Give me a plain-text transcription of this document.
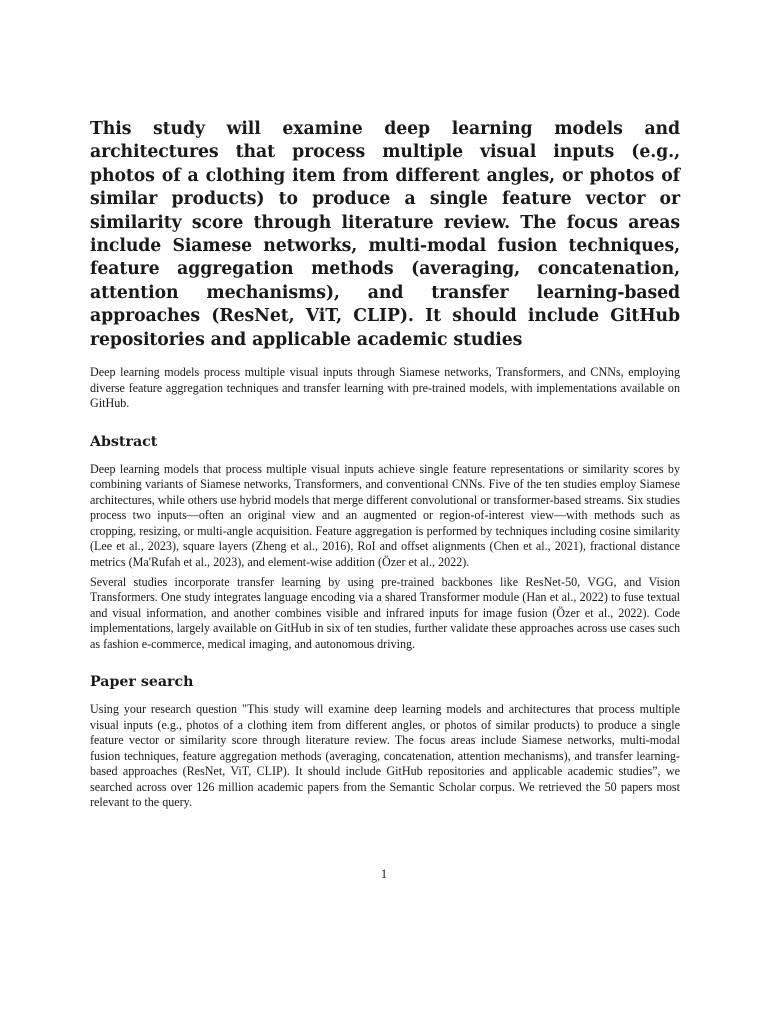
This study will examine deep learning models and architectures that process multiple visual inputs (e.g., photos of a clothing item from different angles, or photos of similar products) to produce a single feature vector or similarity score through literature review. The focus areas include Siamese networks, multi-modal fusion techniques, feature aggregation methods (averaging, concatenation, attention mechanisms), and transfer learning-based approaches (ResNet, ViT, CLIP). It should include GitHub repositories and applicable academic studies

Deep learning models process multiple visual inputs through Siamese networks, Transformers, and CNNs, employing diverse feature aggregation techniques and transfer learning with pre-trained models, with implementations available on GitHub.

Abstract

Deep learning models that process multiple visual inputs achieve single feature representations or similarity scores by combining variants of Siamese networks, Transformers, and conventional CNNs. Five of the ten studies employ Siamese architectures, while others use hybrid models that merge different convolutional or transformer-based streams. Six studies process two inputs—often an original view and an augmented or region-of-interest view—with methods such as cropping, resizing, or multi-angle acquisition. Feature aggregation is performed by techniques including cosine similarity (Lee et al., 2023), square layers (Zheng et al., 2016), RoI and offset alignments (Chen et al., 2021), fractional distance metrics (Ma'Rufah et al., 2023), and element-wise addition (Özer et al., 2022).

Several studies incorporate transfer learning by using pre-trained backbones like ResNet-50, VGG, and Vision Transformers. One study integrates language encoding via a shared Transformer module (Han et al., 2022) to fuse textual and visual information, and another combines visible and infrared inputs for image fusion (Özer et al., 2022). Code implementations, largely available on GitHub in six of ten studies, further validate these approaches across use cases such as fashion e-commerce, medical imaging, and autonomous driving.

Paper search

Using your research question "This study will examine deep learning models and architectures that process multiple visual inputs (e.g., photos of a clothing item from different angles, or photos of similar products) to produce a single feature vector or similarity score through literature review. The focus areas include Siamese networks, multi-modal fusion techniques, feature aggregation methods (averaging, concatenation, attention mechanisms), and transfer learning-based approaches (ResNet, ViT, CLIP). It should include GitHub repositories and applicable academic studies”, we searched across over 126 million academic papers from the Semantic Scholar corpus. We retrieved the 50 papers most relevant to the query.

1
